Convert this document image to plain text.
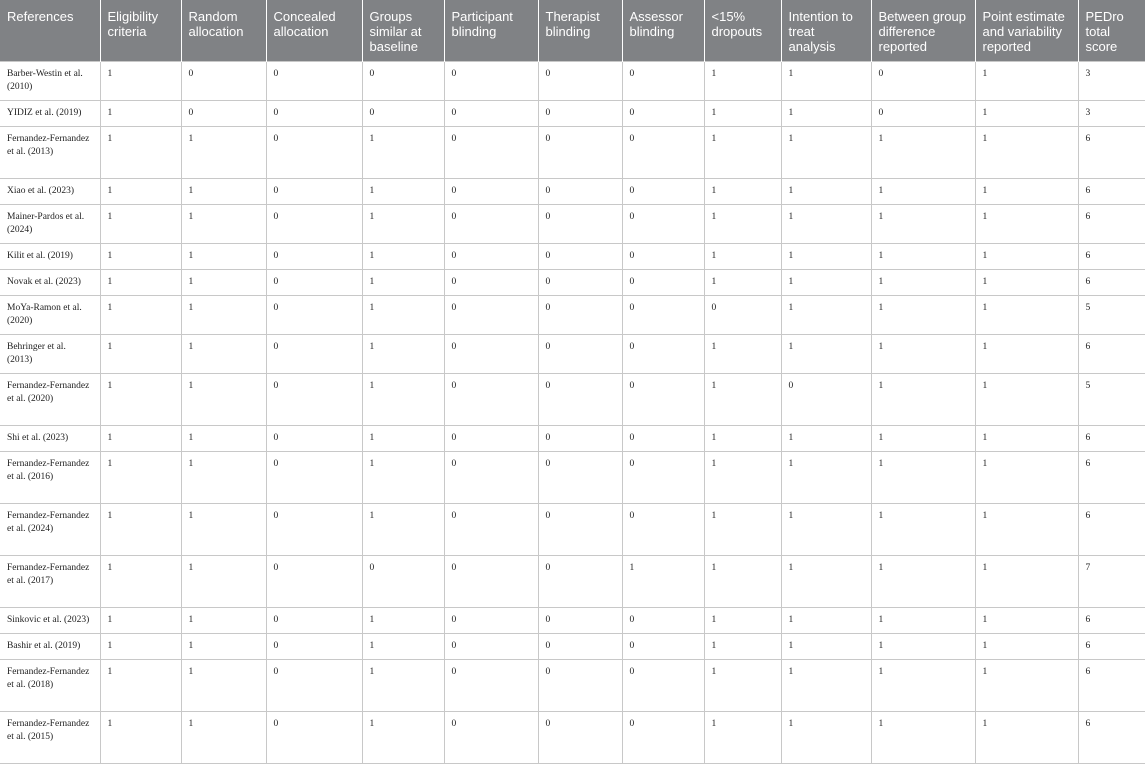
References	Eligibility criteria	Random allocation	Concealed allocation	Groups similar at baseline	Participant blinding	Therapist blinding	Assessor blinding	<15% dropouts	Intention to treat analysis	Between group difference reported	Point estimate and variability reported	PEDro total score
Barber-Westin et al. (2010)	1	0	0	0	0	0	0	1	1	0	1	3
YIDIZ et al. (2019)	1	0	0	0	0	0	0	1	1	0	1	3
Fernandez-Fernandez et al. (2013)	1	1	0	1	0	0	0	1	1	1	1	6
Xiao et al. (2023)	1	1	0	1	0	0	0	1	1	1	1	6
Mainer-Pardos et al. (2024)	1	1	0	1	0	0	0	1	1	1	1	6
Kilit et al. (2019)	1	1	0	1	0	0	0	1	1	1	1	6
Novak et al. (2023)	1	1	0	1	0	0	0	1	1	1	1	6
MoYa-Ramon et al. (2020)	1	1	0	1	0	0	0	0	1	1	1	5
Behringer et al. (2013)	1	1	0	1	0	0	0	1	1	1	1	6
Fernandez-Fernandez et al. (2020)	1	1	0	1	0	0	0	1	0	1	1	5
Shi et al. (2023)	1	1	0	1	0	0	0	1	1	1	1	6
Fernandez-Fernandez et al. (2016)	1	1	0	1	0	0	0	1	1	1	1	6
Fernandez-Fernandez et al. (2024)	1	1	0	1	0	0	0	1	1	1	1	6
Fernandez-Fernandez et al. (2017)	1	1	0	0	0	0	1	1	1	1	1	7
Sinkovic et al. (2023)	1	1	0	1	0	0	0	1	1	1	1	6
Bashir et al. (2019)	1	1	0	1	0	0	0	1	1	1	1	6
Fernandez-Fernandez et al. (2018)	1	1	0	1	0	0	0	1	1	1	1	6
Fernandez-Fernandez et al. (2015)	1	1	0	1	0	0	0	1	1	1	1	6
